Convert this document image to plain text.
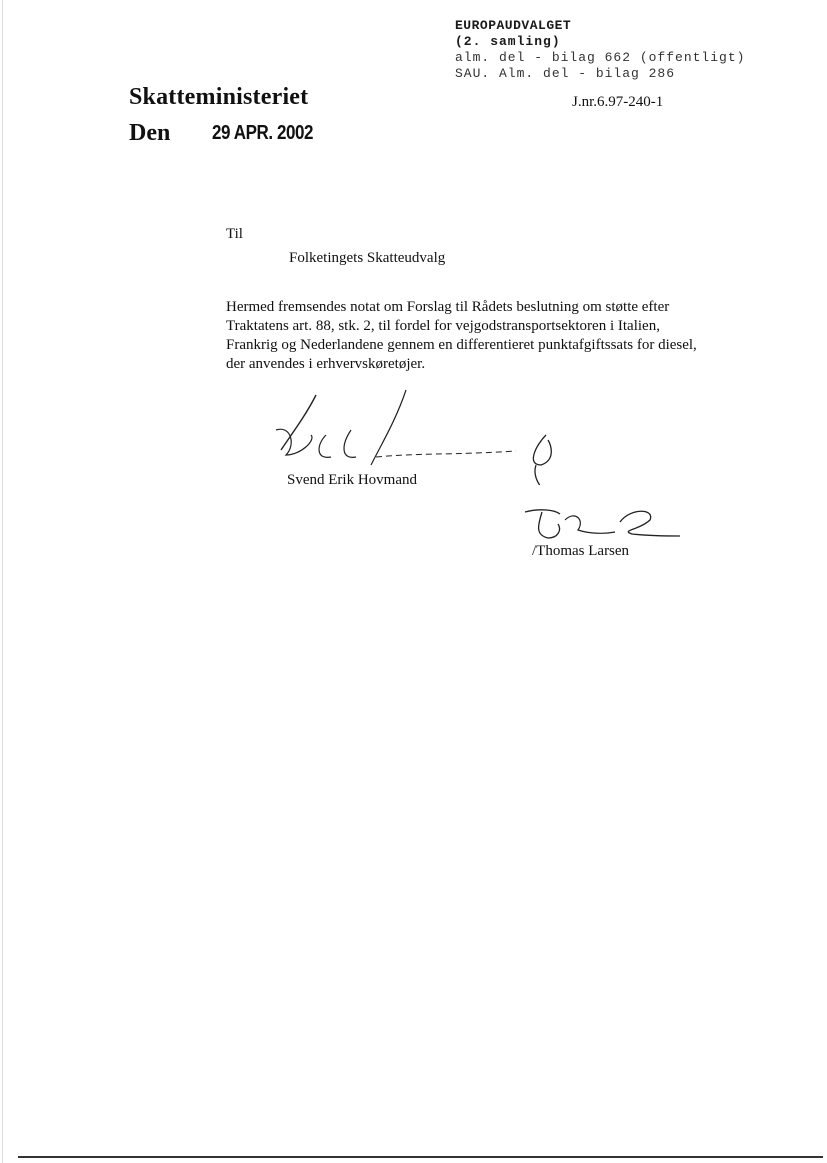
EUROPAUDVALGET
(2. samling)
alm. del - bilag 662 (offentligt)
SAU. Alm. del - bilag 286
Skatteministeriet	J.nr.6.97-240-1
Den 29 APR. 2002
Til
Folketingets Skatteudvalg
Hermed fremsendes notat om Forslag til Rådets beslutning om støtte efter
Traktatens art. 88, stk. 2, til fordel for vejgodstransportsektoren i Italien,
Frankrig og Nederlandene gennem en differentieret punktafgiftssats for diesel,
der anvendes i erhvervskøretøjer.
Svend Erik Hovmand
/Thomas Larsen
